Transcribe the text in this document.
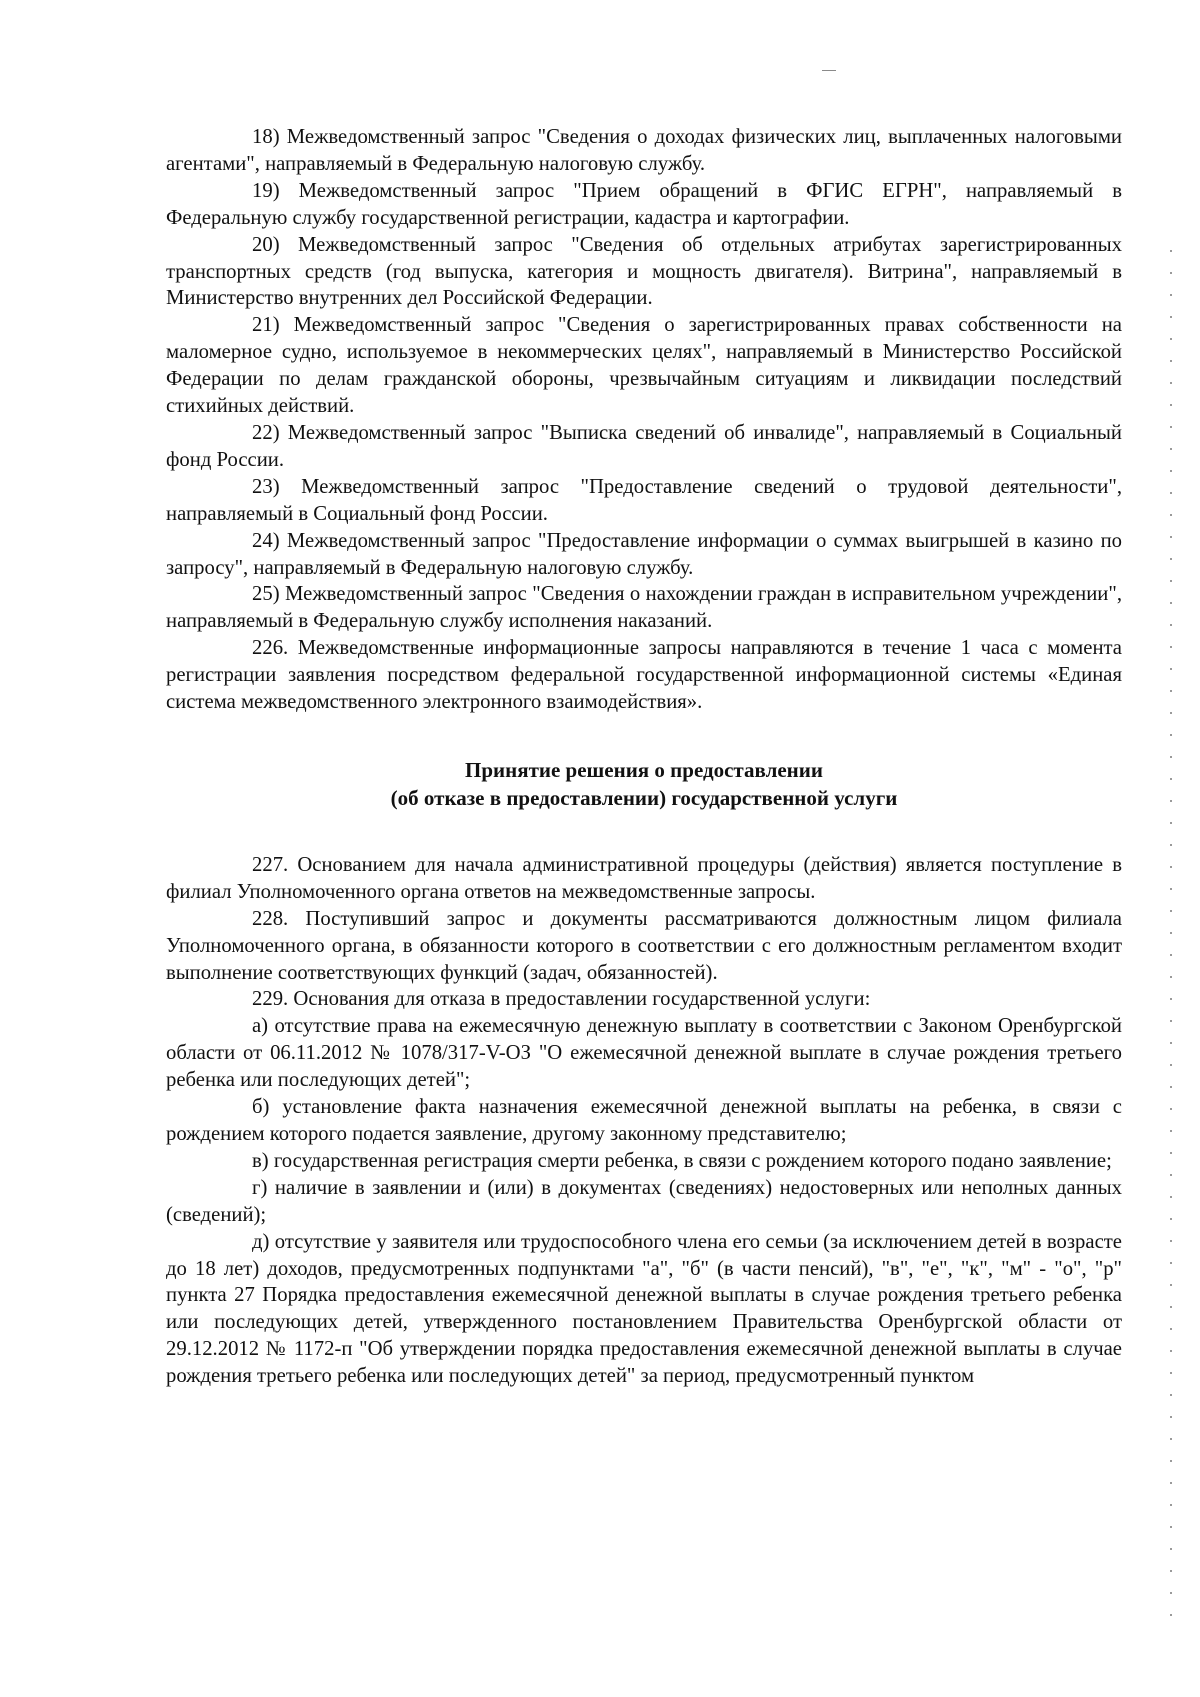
18) Межведомственный запрос "Сведения о доходах физических лиц, выплаченных налоговыми агентами", направляемый в Федеральную налоговую службу.

19) Межведомственный запрос "Прием обращений в ФГИС ЕГРН", направляемый в Федеральную службу государственной регистрации, кадастра и картографии.

20) Межведомственный запрос "Сведения об отдельных атрибутах зарегистрированных транспортных средств (год выпуска, категория и мощность двигателя). Витрина", направляемый в Министерство внутренних дел Российской Федерации.

21) Межведомственный запрос "Сведения о зарегистрированных правах собственности на маломерное судно, используемое в некоммерческих целях", направляемый в Министерство Российской Федерации по делам гражданской обороны, чрезвычайным ситуациям и ликвидации последствий стихийных действий.

22) Межведомственный запрос "Выписка сведений об инвалиде", направляемый в Социальный фонд России.

23) Межведомственный запрос "Предоставление сведений о трудовой деятельности", направляемый в Социальный фонд России.

24) Межведомственный запрос "Предоставление информации о суммах выигрышей в казино по запросу", направляемый в Федеральную налоговую службу.

25) Межведомственный запрос "Сведения о нахождении граждан в исправительном учреждении", направляемый в Федеральную службу исполнения наказаний.

226. Межведомственные информационные запросы направляются в течение 1 часа с момента регистрации заявления посредством федеральной государственной информационной системы «Единая система межведомственного электронного взаимодействия».

Принятие решения о предоставлении

(об отказе в предоставлении) государственной услуги

227. Основанием для начала административной процедуры (действия) является поступление в филиал Уполномоченного органа ответов на межведомственные запросы.

228. Поступивший запрос и документы рассматриваются должностным лицом филиала Уполномоченного органа, в обязанности которого в соответствии с его должностным регламентом входит выполнение соответствующих функций (задач, обязанностей).

229. Основания для отказа в предоставлении государственной услуги:

а) отсутствие права на ежемесячную денежную выплату в соответствии с Законом Оренбургской области от 06.11.2012 № 1078/317-V-ОЗ "О ежемесячной денежной выплате в случае рождения третьего ребенка или последующих детей";

б) установление факта назначения ежемесячной денежной выплаты на ребенка, в связи с рождением которого подается заявление, другому законному представителю;

в) государственная регистрация смерти ребенка, в связи с рождением которого подано заявление;

г) наличие в заявлении и (или) в документах (сведениях) недостоверных или неполных данных (сведений);

д) отсутствие у заявителя или трудоспособного члена его семьи (за исключением детей в возрасте до 18 лет) доходов, предусмотренных подпунктами "а", "б" (в части пенсий), "в", "е", "к", "м" - "о", "р" пункта 27 Порядка предоставления ежемесячной денежной выплаты в случае рождения третьего ребенка или последующих детей, утвержденного постановлением Правительства Оренбургской области от 29.12.2012 № 1172-п "Об утверждении порядка предоставления ежемесячной денежной выплаты в случае рождения третьего ребенка или последующих детей" за период, предусмотренный пунктом
